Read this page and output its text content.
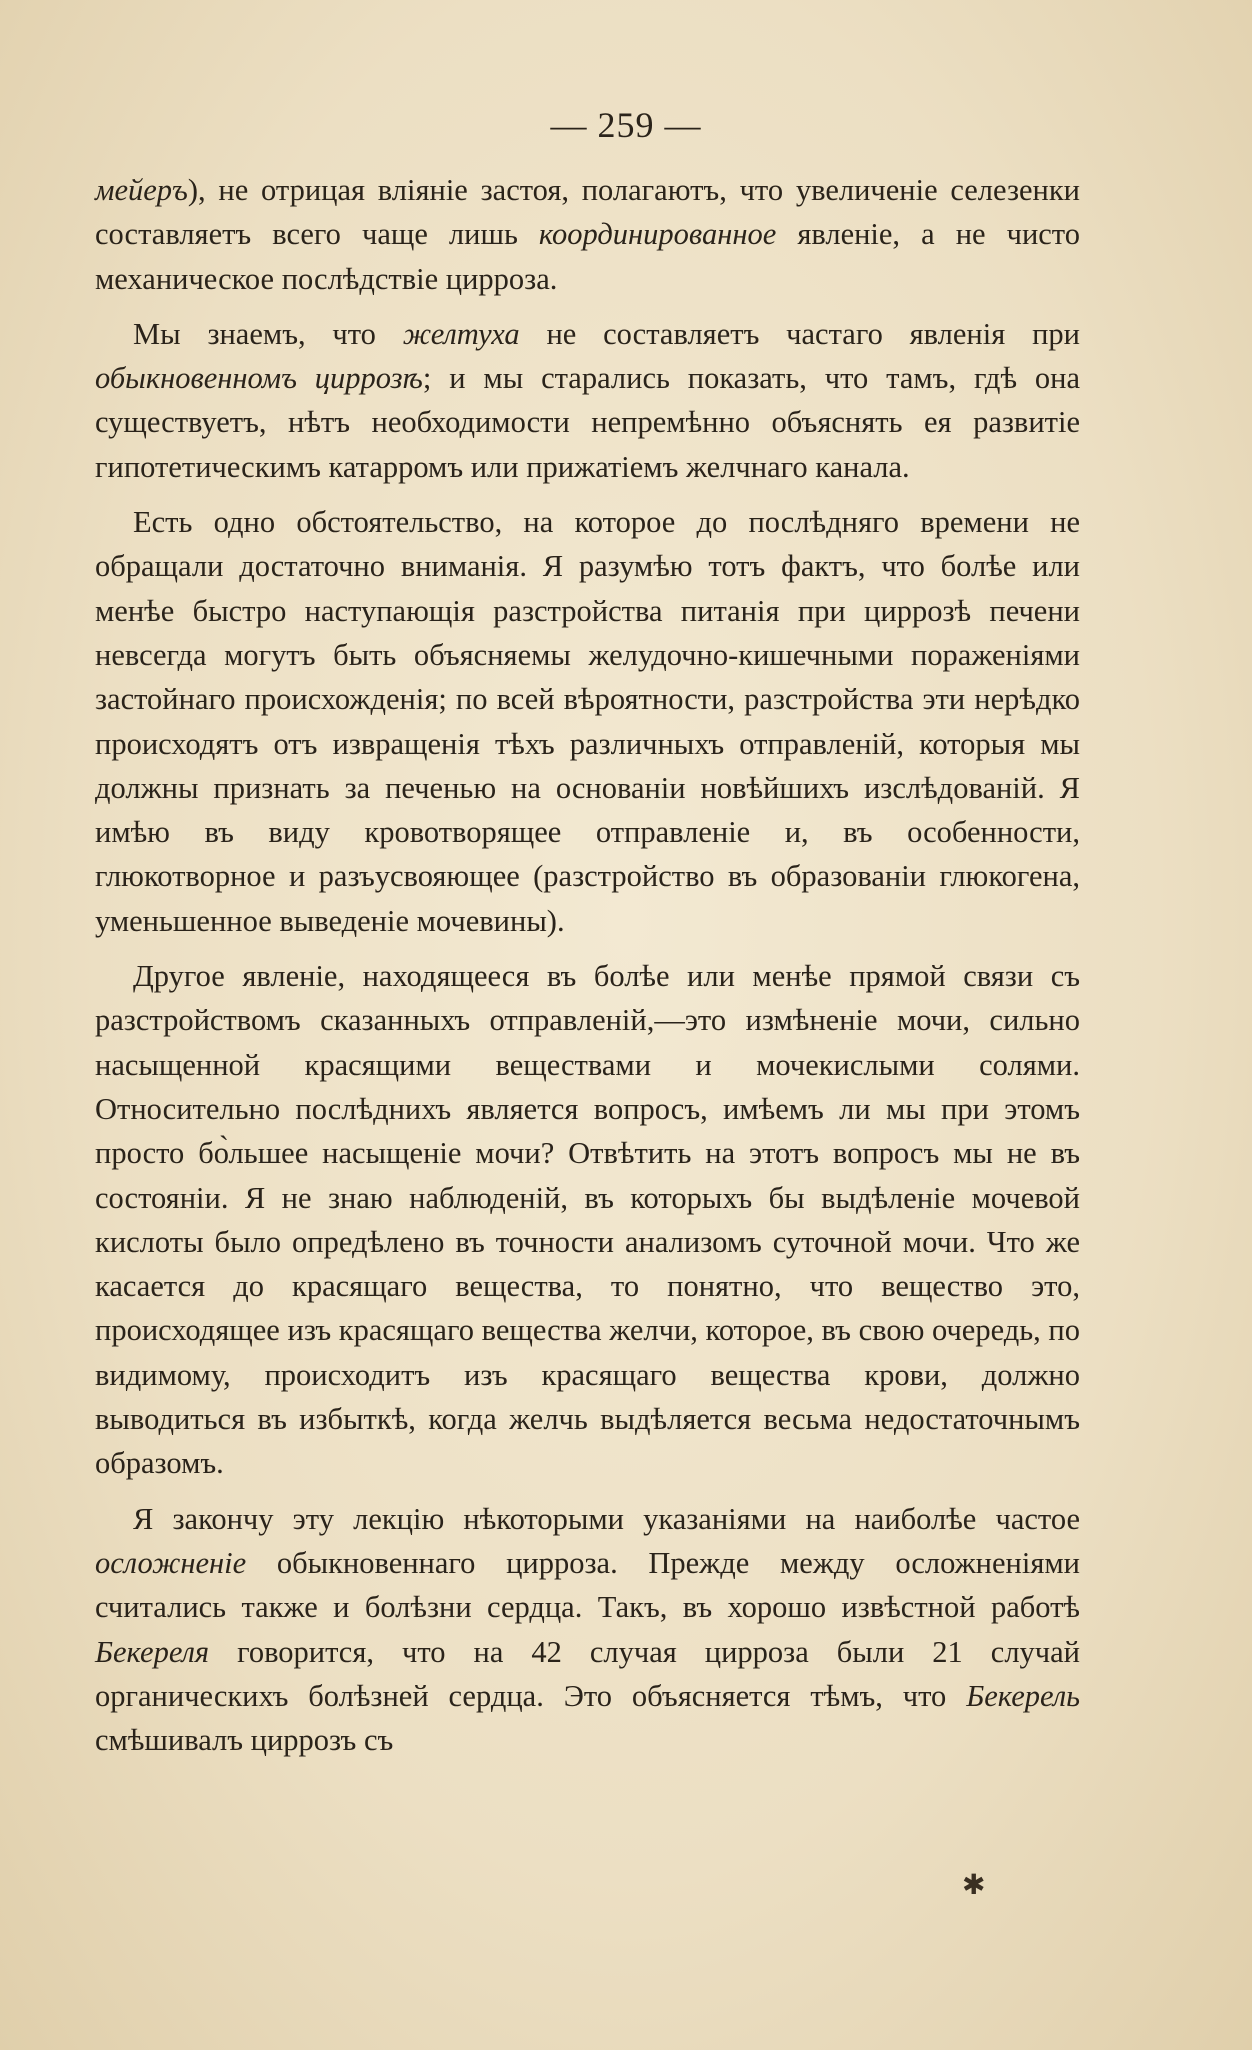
— 259 —

мейеръ), не отрицая вліяніе застоя, полагаютъ, что увеличеніе селезенки составляетъ всего чаще лишь координированное явленіе, а не чисто механическое послѣдствіе цирроза.

Мы знаемъ, что желтуха не составляетъ частаго явленія при обыкновенномъ циррозѣ; и мы старались показать, что тамъ, гдѣ она существуетъ, нѣтъ необходимости непремѣнно объяснять ея развитіе гипотетическимъ катарромъ или прижатіемъ желчнаго канала.

Есть одно обстоятельство, на которое до послѣдняго времени не обращали достаточно вниманія. Я разумѣю тотъ фактъ, что болѣе или менѣе быстро наступающія разстройства питанія при циррозѣ печени невсегда могутъ быть объясняемы желудочно-кишечными пораженіями застойнаго происхожденія; по всей вѣроятности, разстройства эти нерѣдко происходятъ отъ извращенія тѣхъ различныхъ отправленій, которыя мы должны признать за печенью на основаніи новѣйшихъ изслѣдованій. Я имѣю въ виду кровотворящее отправленіе и, въ особенности, глюкотворное и разъусвояющее (разстройство въ образованіи глюкогена, уменьшенное выведеніе мочевины).

Другое явленіе, находящееся въ болѣе или менѣе прямой связи съ разстройствомъ сказанныхъ отправленій,—это измѣненіе мочи, сильно насыщенной красящими веществами и мочекислыми солями. Относительно послѣднихъ является вопросъ, имѣемъ ли мы при этомъ просто бо̀льшее насыщеніе мочи? Отвѣтить на этотъ вопросъ мы не въ состояніи. Я не знаю наблюденій, въ которыхъ бы выдѣленіе мочевой кислоты было опредѣлено въ точности анализомъ суточной мочи. Что же касается до красящаго вещества, то понятно, что вещество это, происходящее изъ красящаго вещества желчи, которое, въ свою очередь, по видимому, происходитъ изъ красящаго вещества крови, должно выводиться въ избыткѣ, когда желчь выдѣляется весьма недостаточнымъ образомъ.

Я закончу эту лекцію нѣкоторыми указаніями на наиболѣе частое осложненіе обыкновеннаго цирроза. Прежде между осложненіями считались также и болѣзни сердца. Такъ, въ хорошо извѣстной работѣ Бекереля говорится, что на 42 случая цирроза были 21 случай органическихъ болѣзней сердца. Это объясняется тѣмъ, что Бекерель смѣшивалъ циррозъ съ

✱
